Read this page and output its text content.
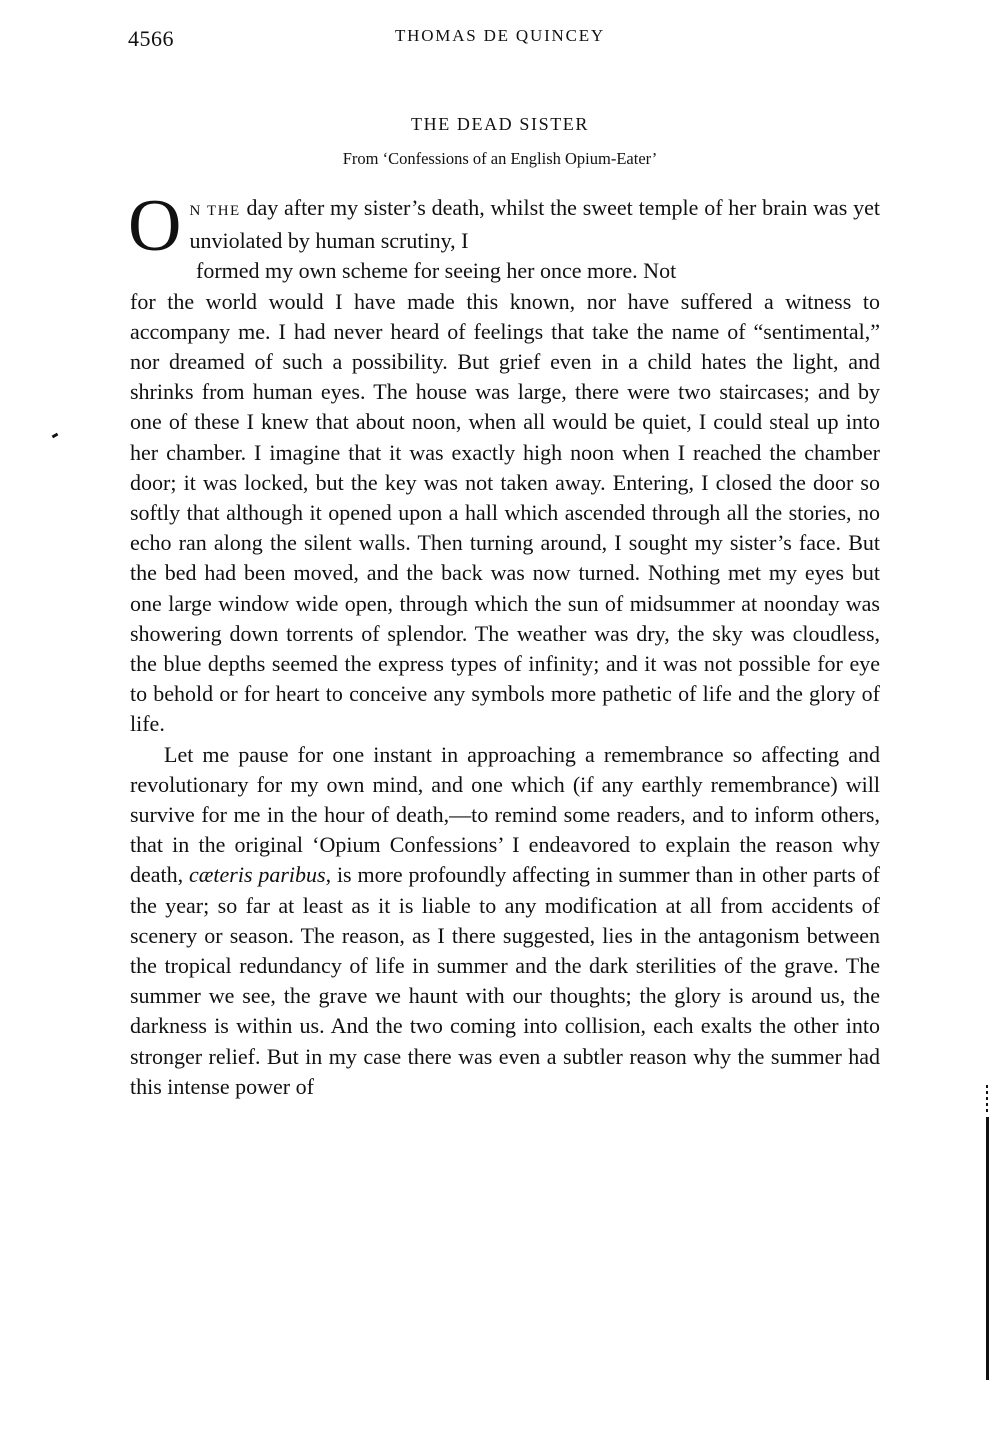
4566	THOMAS DE QUINCEY
THE DEAD SISTER
From ‘Confessions of an English Opium-Eater’

O N THE day after my sister’s death, whilst the sweet temple of her brain was yet unviolated by human scrutiny, I
formed my own scheme for seeing her once more. Not
for the world would I have made this known, nor have suffered a witness to accompany me. I had never heard of feelings that take the name of “sentimental,” nor dreamed of such a possibility. But grief even in a child hates the light, and shrinks from human eyes. The house was large, there were two staircases; and by one of these I knew that about noon, when all would be quiet, I could steal up into her chamber. I imagine that it was exactly high noon when I reached the chamber door; it was locked, but the key was not taken away. Entering, I closed the door so softly that although it opened upon a hall which ascended through all the stories, no echo ran along the silent walls. Then turning around, I sought my sister’s face. But the bed had been moved, and the back was now turned. Nothing met my eyes but one large window wide open, through which the sun of midsummer at noonday was showering down torrents of splendor. The weather was dry, the sky was cloudless, the blue depths seemed the express types of infinity; and it was not possible for eye to behold or for heart to conceive any symbols more pathetic of life and the glory of life.

Let me pause for one instant in approaching a remembrance so affecting and revolutionary for my own mind, and one which (if any earthly remembrance) will survive for me in the hour of death,—to remind some readers, and to inform others, that in the original ‘Opium Confessions’ I endeavored to explain the reason why death, cæteris paribus, is more profoundly affecting in summer than in other parts of the year; so far at least as it is liable to any modification at all from accidents of scenery or season. The reason, as I there suggested, lies in the antagonism between the tropical redundancy of life in summer and the dark sterilities of the grave. The summer we see, the grave we haunt with our thoughts; the glory is around us, the darkness is within us. And the two coming into collision, each exalts the other into stronger relief. But in my case there was even a subtler reason why the summer had this intense power of
